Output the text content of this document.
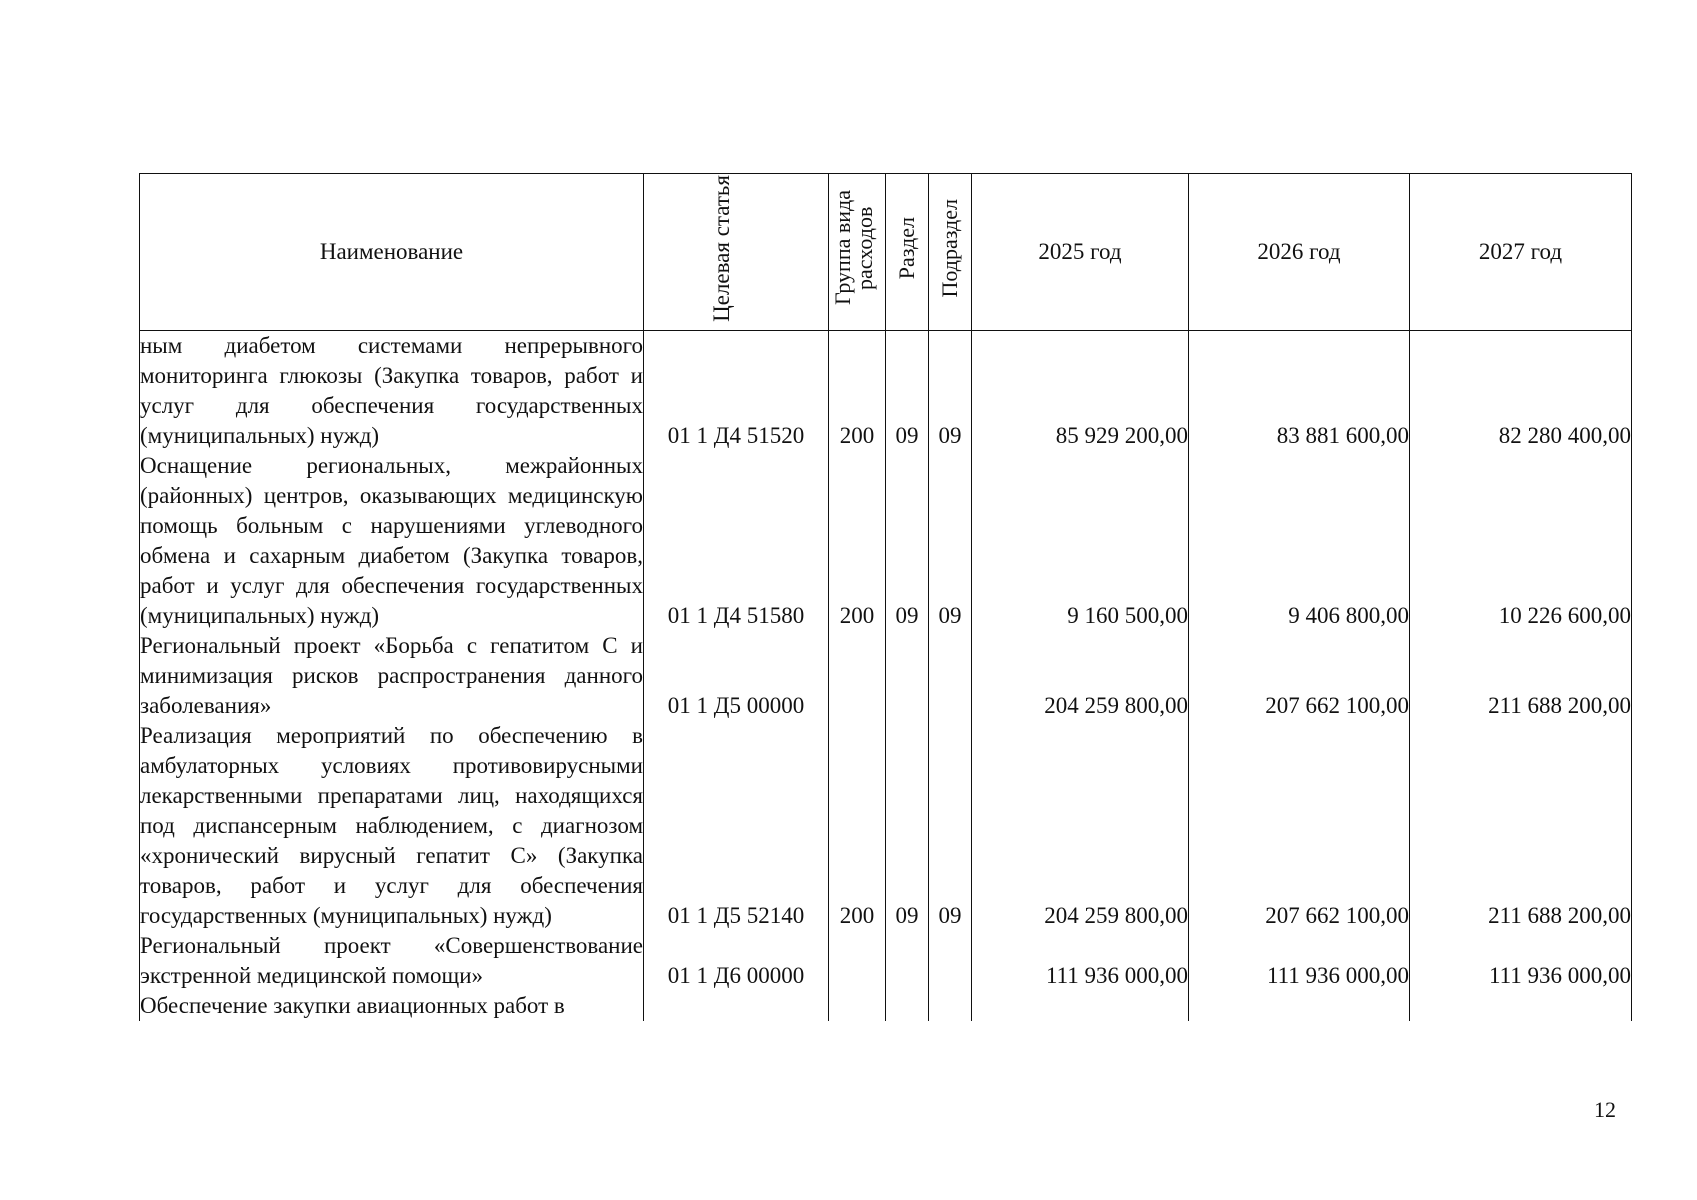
Наименование	Целевая статья	Группа вида расходов	Раздел	Подраздел	2025 год	2026 год	2027 год
ным диабетом системами непрерывного мониторинга глюкозы (Закупка товаров, работ и услуг для обеспечения государственных (муниципальных) нужд)	01 1 Д4 51520	200	09	09	85 929 200,00	83 881 600,00	82 280 400,00
Оснащение региональных, межрайонных (районных) центров, оказывающих медицинскую помощь больным с нарушениями углеводного обмена и сахарным диабетом (Закупка товаров, работ и услуг для обеспечения государственных (муниципальных) нужд)	01 1 Д4 51580	200	09	09	9 160 500,00	9 406 800,00	10 226 600,00
Региональный проект «Борьба с гепатитом С и минимизация рисков распространения данного заболевания»	01 1 Д5 00000				204 259 800,00	207 662 100,00	211 688 200,00
Реализация мероприятий по обеспечению в амбулаторных условиях противовирусными лекарственными препаратами лиц, находящихся под диспансерным наблюдением, с диагнозом «хронический вирусный гепатит С» (Закупка товаров, работ и услуг для обеспечения государственных (муниципальных) нужд)	01 1 Д5 52140	200	09	09	204 259 800,00	207 662 100,00	211 688 200,00
Региональный проект «Совершенствование экстренной медицинской помощи»	01 1 Д6 00000				111 936 000,00	111 936 000,00	111 936 000,00
Обеспечение закупки авиационных работ в							
12
